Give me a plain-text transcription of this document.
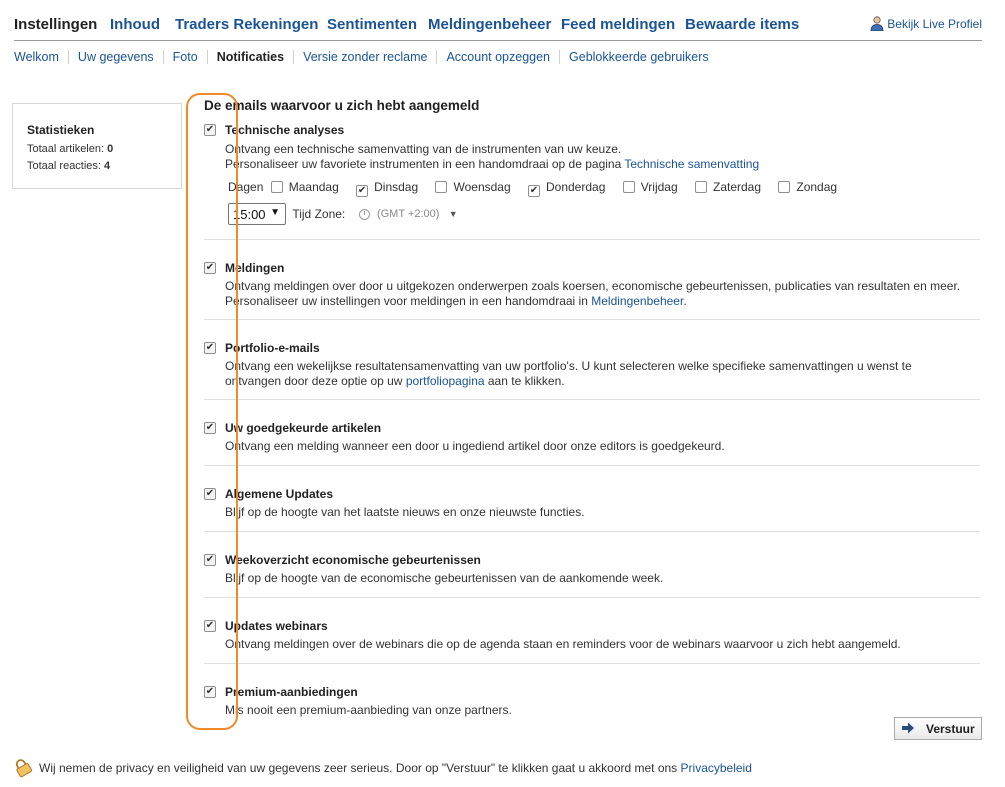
Instellingen Inhoud Traders Rekeningen Sentimenten Meldingenbeheer Feed meldingen Bewaarde items	Bekijk Live Profiel
Welkom Uw gegevens Foto Notificaties Versie zonder reclame Account opzeggen Geblokkeerde gebruikers
Statistieken
Totaal artikelen: 0
Totaal reacties: 4
De emails waarvoor u zich hebt aangemeld
✔ Technische analyses
Ontvang een technische samenvatting van de instrumenten van uw keuze.
Personaliseer uw favoriete instrumenten in een handomdraai op de pagina Technische samenvatting
Dagen Maandag ✔ Dinsdag	Woensdag ✔ Donderdag	Vrijdag	Zaterdag	Zondag
15:00 ▼ Tijd Zone:	(GMT +2:00) ▼
✔ Meldingen
Ontvang meldingen over door u uitgekozen onderwerpen zoals koersen, economische gebeurtenissen, publicaties van resultaten en meer.
Personaliseer uw instellingen voor meldingen in een handomdraai in Meldingenbeheer.
✔ Portfolio-e-mails
Ontvang een wekelijkse resultatensamenvatting van uw portfolio's. U kunt selecteren welke specifieke samenvattingen u wenst te
ontvangen door deze optie op uw portfoliopagina aan te klikken.
✔ Uw goedgekeurde artikelen
Ontvang een melding wanneer een door u ingediend artikel door onze editors is goedgekeurd.
✔ Algemene Updates
Blijf op de hoogte van het laatste nieuws en onze nieuwste functies.
✔ Weekoverzicht economische gebeurtenissen
Blijf op de hoogte van de economische gebeurtenissen van de aankomende week.
✔ Updates webinars
Ontvang meldingen over de webinars die op de agenda staan en reminders voor de webinars waarvoor u zich hebt aangemeld.
✔ Premium-aanbiedingen
Mis nooit een premium-aanbieding van onze partners.
Verstuur
Wij nemen de privacy en veiligheid van uw gegevens zeer serieus. Door op "Verstuur" te klikken gaat u akkoord met ons Privacybeleid
